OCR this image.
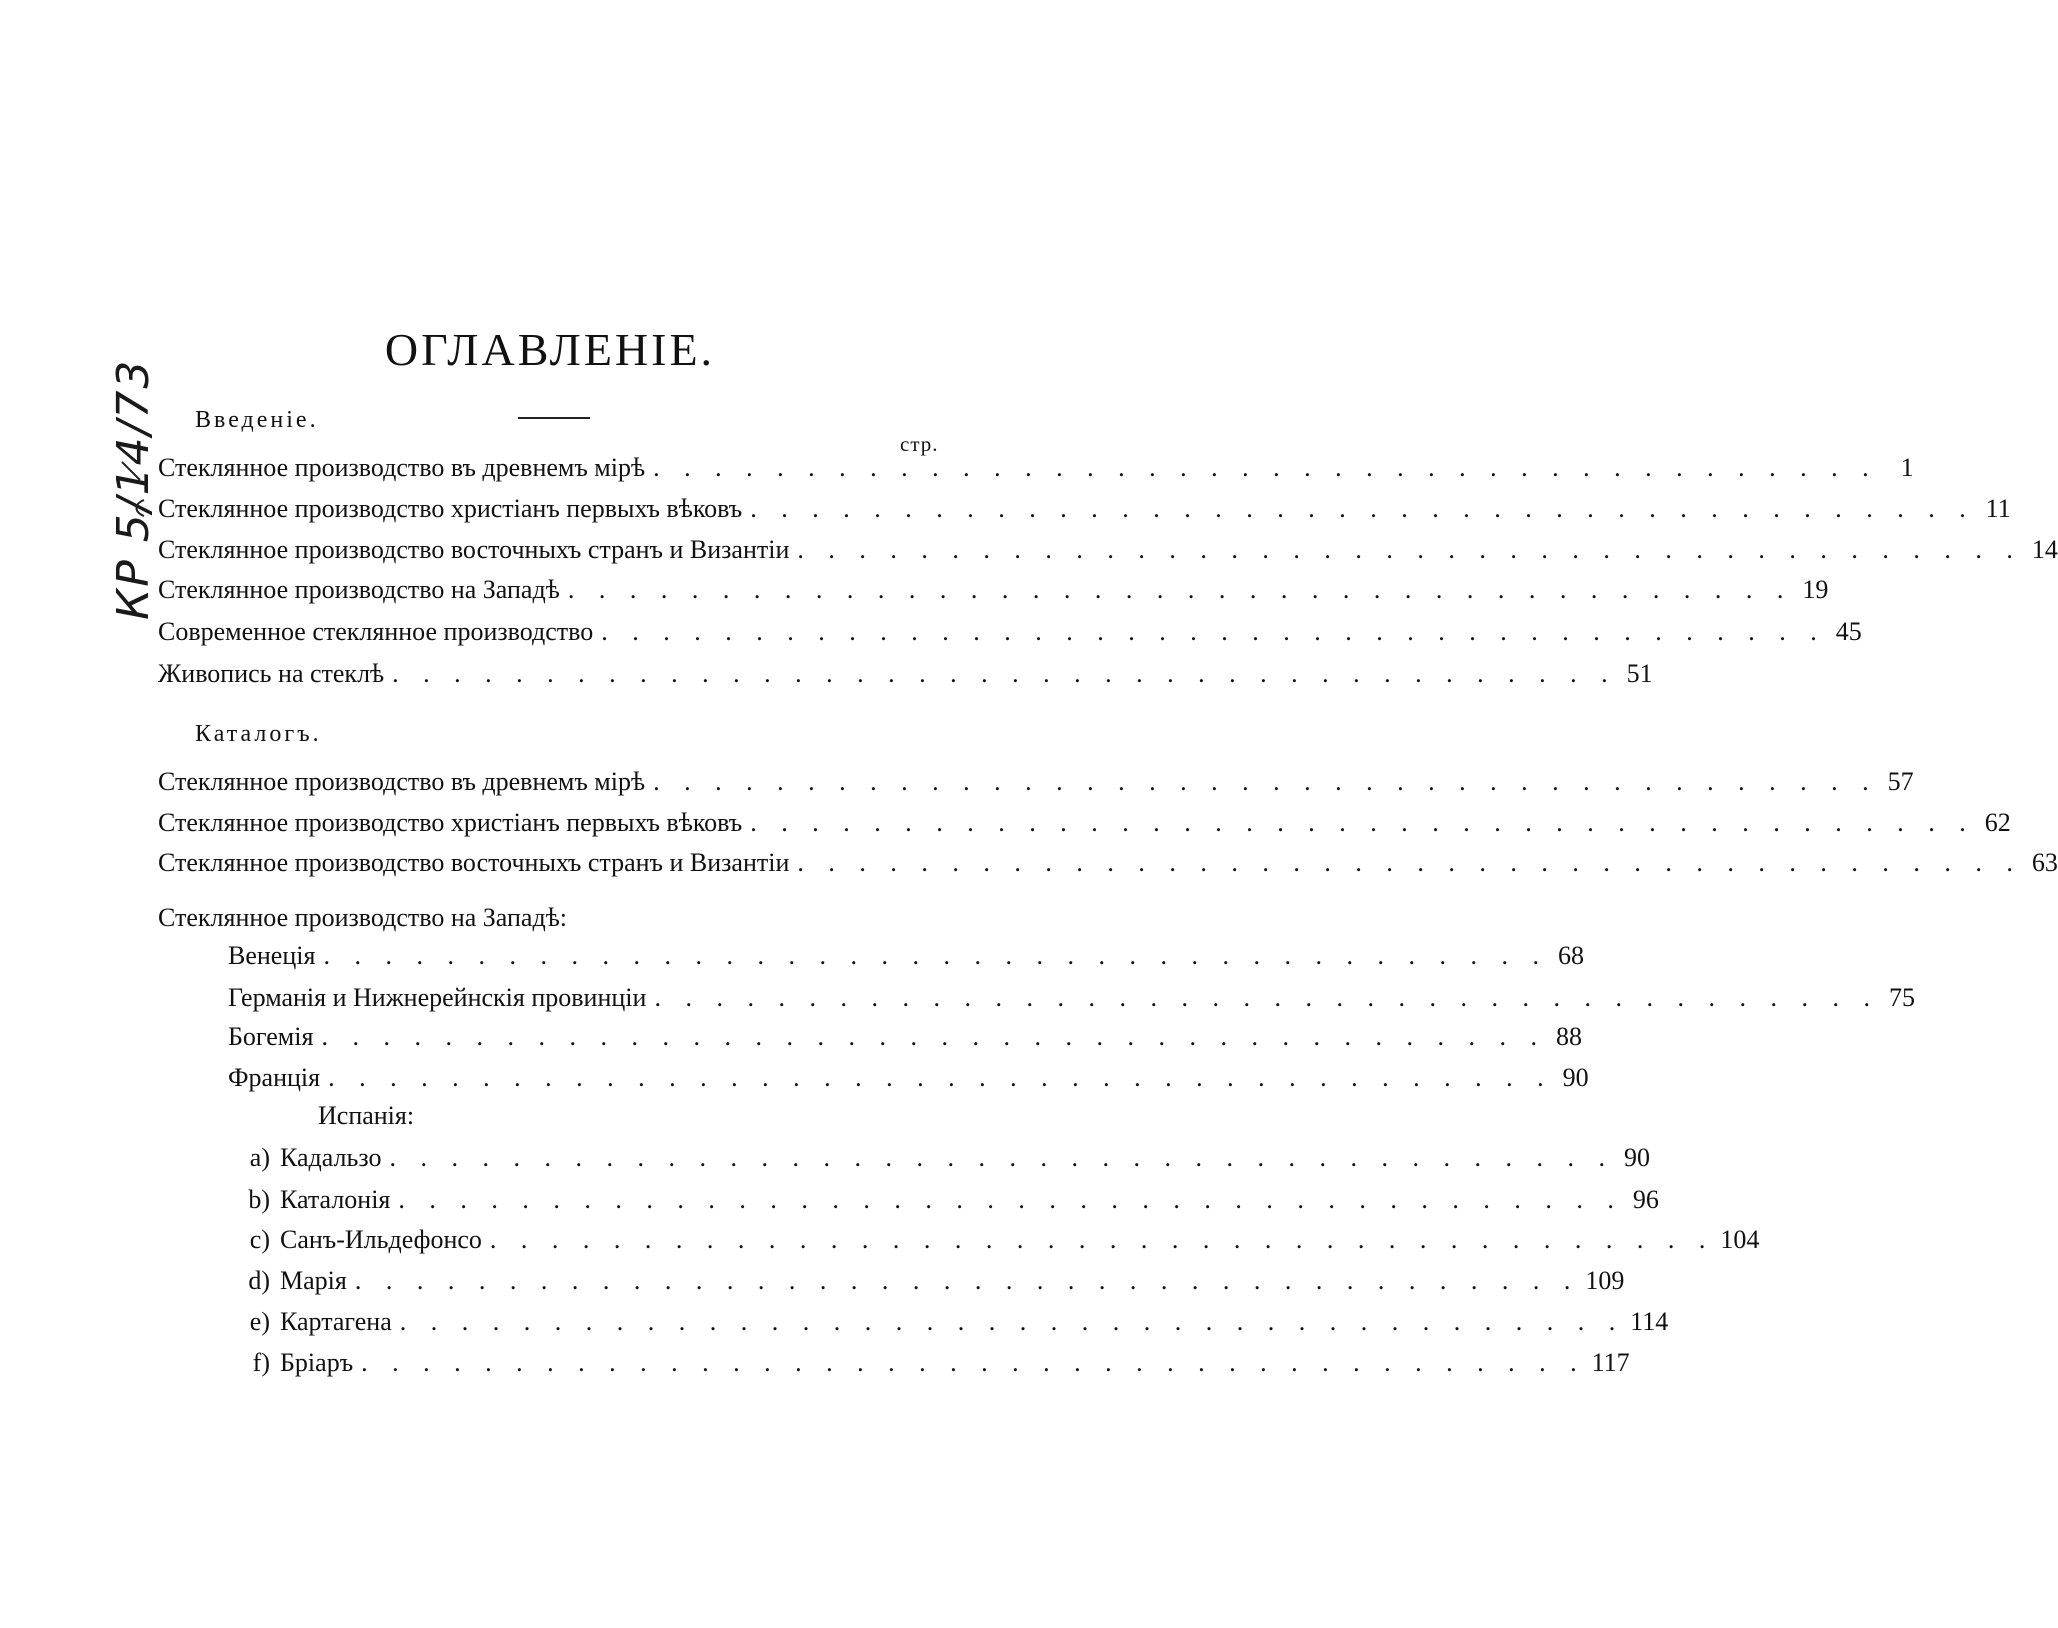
ОГЛАВЛЕНІЕ.
КР 5/14/73 Введеніе.
стр.
Стеклянное производство въ древнемъ мірѣ . . . . . . . . . . . . . . . . . . . . . . . . . . . . . . . . . . . . . . . . 1
Стеклянное производство христіанъ первыхъ вѣковъ . . . . . . . . . . . . . . . . . . . . . . . . . . . . . . . . . . . . . . . . 11
Стеклянное производство восточныхъ странъ и Византіи . . . . . . . . . . . . . . . . . . . . . . . . . . . . . . . . . . . . . . . . 14
Стеклянное производство на Западѣ . . . . . . . . . . . . . . . . . . . . . . . . . . . . . . . . . . . . . . . . 19
Современное стеклянное производство . . . . . . . . . . . . . . . . . . . . . . . . . . . . . . . . . . . . . . . . 45
Живопись на стеклѣ . . . . . . . . . . . . . . . . . . . . . . . . . . . . . . . . . . . . . . . . 51
Каталогъ.
Стеклянное производство въ древнемъ мірѣ . . . . . . . . . . . . . . . . . . . . . . . . . . . . . . . . . . . . . . . . 57
Стеклянное производство христіанъ первыхъ вѣковъ . . . . . . . . . . . . . . . . . . . . . . . . . . . . . . . . . . . . . . . . 62
Стеклянное производство восточныхъ странъ и Византіи . . . . . . . . . . . . . . . . . . . . . . . . . . . . . . . . . . . . . . . . 63
Стеклянное производство на Западѣ:
Венеція . . . . . . . . . . . . . . . . . . . . . . . . . . . . . . . . . . . . . . . . 68
Германія и Нижнерейнскія провинціи . . . . . . . . . . . . . . . . . . . . . . . . . . . . . . . . . . . . . . . . 75
Богемія . . . . . . . . . . . . . . . . . . . . . . . . . . . . . . . . . . . . . . . . 88
Франція . . . . . . . . . . . . . . . . . . . . . . . . . . . . . . . . . . . . . . . . 90
Испанія:
a) Кадальзо . . . . . . . . . . . . . . . . . . . . . . . . . . . . . . . . . . . . . . . . 90
b) Каталонія . . . . . . . . . . . . . . . . . . . . . . . . . . . . . . . . . . . . . . . . 96
c) Санъ-Ильдефонсо . . . . . . . . . . . . . . . . . . . . . . . . . . . . . . . . . . . . . . . . 104
d) Марія . . . . . . . . . . . . . . . . . . . . . . . . . . . . . . . . . . . . . . . . 109
e) Картагена . . . . . . . . . . . . . . . . . . . . . . . . . . . . . . . . . . . . . . . . 114
f) Бріаръ . . . . . . . . . . . . . . . . . . . . . . . . . . . . . . . . . . . . . . . . 117
